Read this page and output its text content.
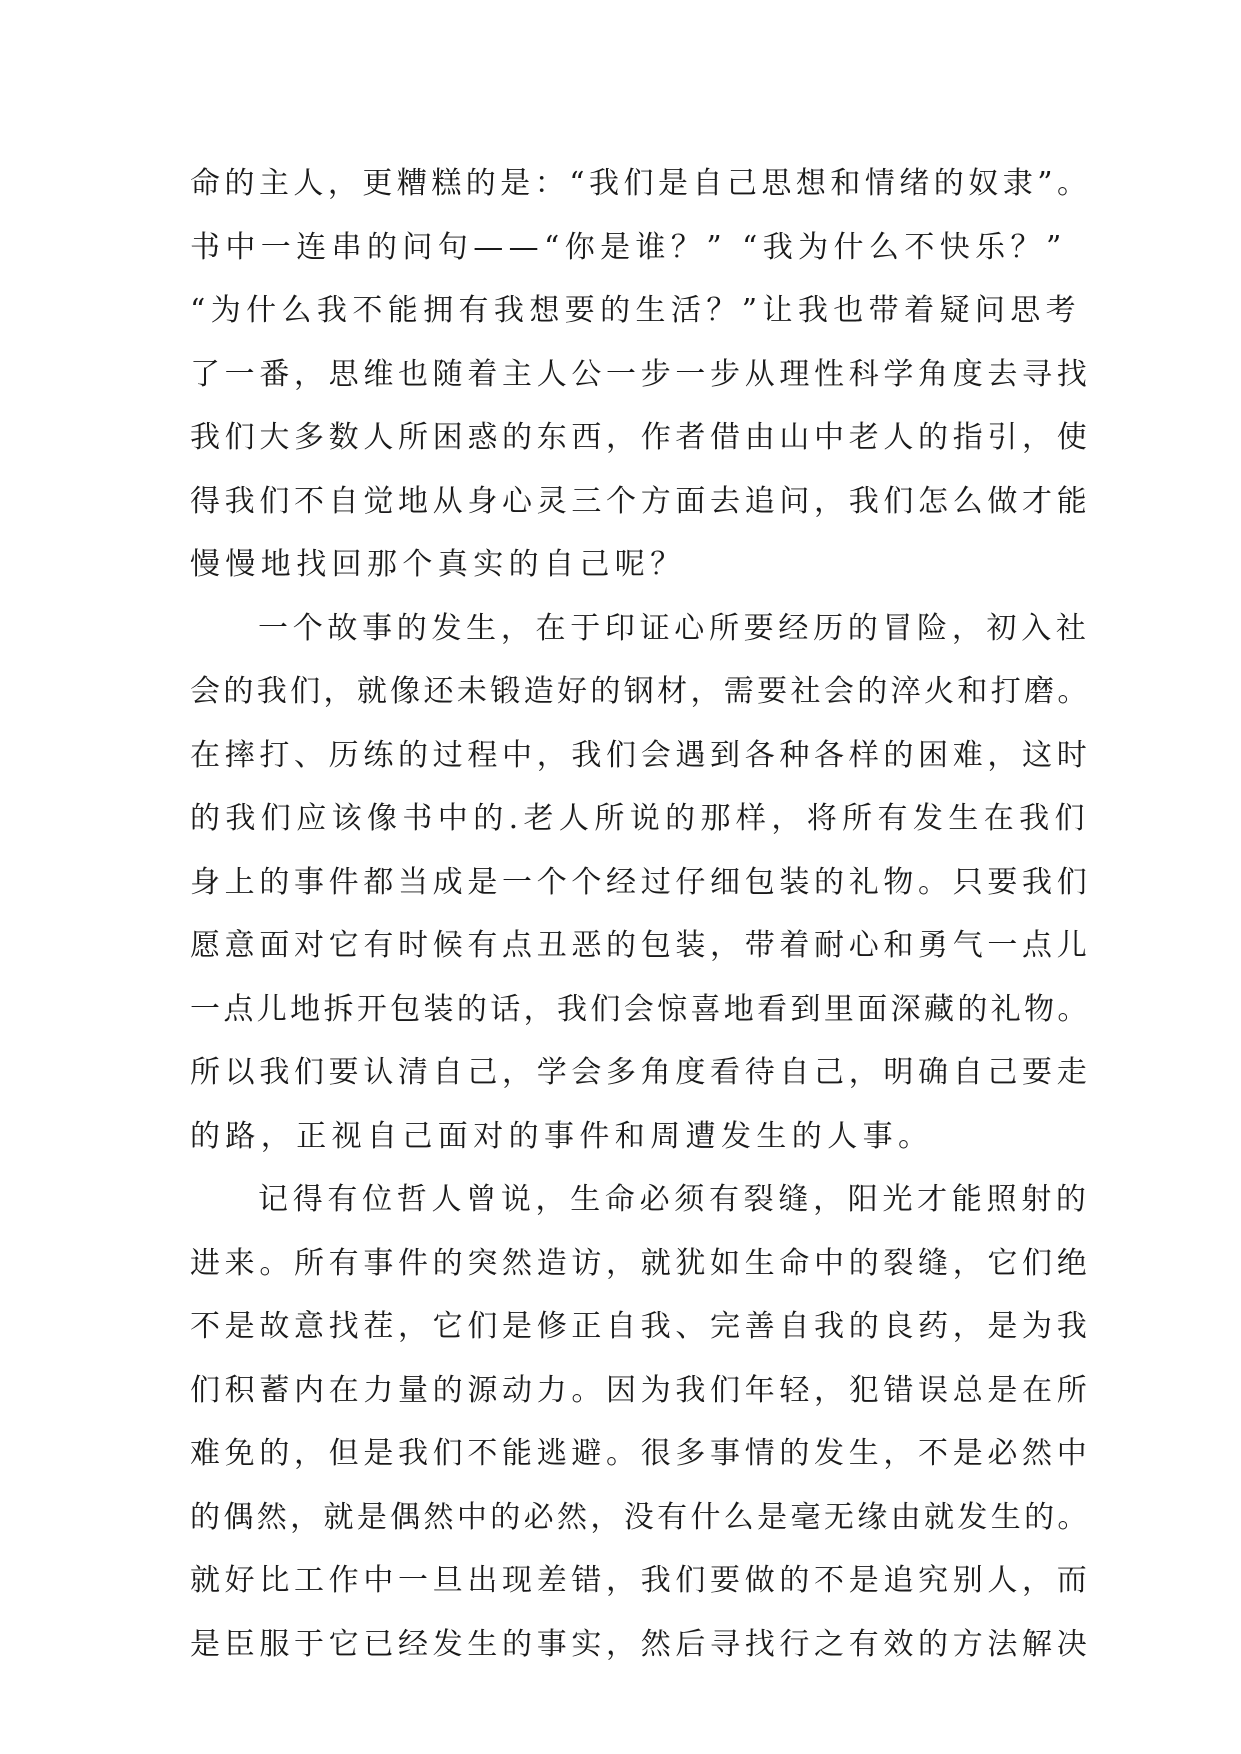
命的主人，更糟糕的是：“我们是自己思想和情绪的奴隶”。
书中一连串的问句——“你是谁？” “我为什么不快乐？”
“为什么我不能拥有我想要的生活？”让我也带着疑问思考
了一番，思维也随着主人公一步一步从理性科学角度去寻找
我们大多数人所困惑的东西，作者借由山中老人的指引，使
得我们不自觉地从身心灵三个方面去追问，我们怎么做才能
慢慢地找回那个真实的自己呢？
一个故事的发生，在于印证心所要经历的冒险，初入社
会的我们，就像还未锻造好的钢材，需要社会的淬火和打磨。
在摔打、历练的过程中，我们会遇到各种各样的困难，这时
的我们应该像书中的.老人所说的那样，将所有发生在我们
身上的事件都当成是一个个经过仔细包装的礼物。只要我们
愿意面对它有时候有点丑恶的包装，带着耐心和勇气一点儿
一点儿地拆开包装的话，我们会惊喜地看到里面深藏的礼物。
所以我们要认清自己，学会多角度看待自己，明确自己要走
的路，正视自己面对的事件和周遭发生的人事。
记得有位哲人曾说，生命必须有裂缝，阳光才能照射的
进来。所有事件的突然造访，就犹如生命中的裂缝，它们绝
不是故意找茬，它们是修正自我、完善自我的良药，是为我
们积蓄内在力量的源动力。因为我们年轻，犯错误总是在所
难免的，但是我们不能逃避。很多事情的发生，不是必然中
的偶然，就是偶然中的必然，没有什么是毫无缘由就发生的。
就好比工作中一旦出现差错，我们要做的不是追究别人，而
是臣服于它已经发生的事实，然后寻找行之有效的方法解决
